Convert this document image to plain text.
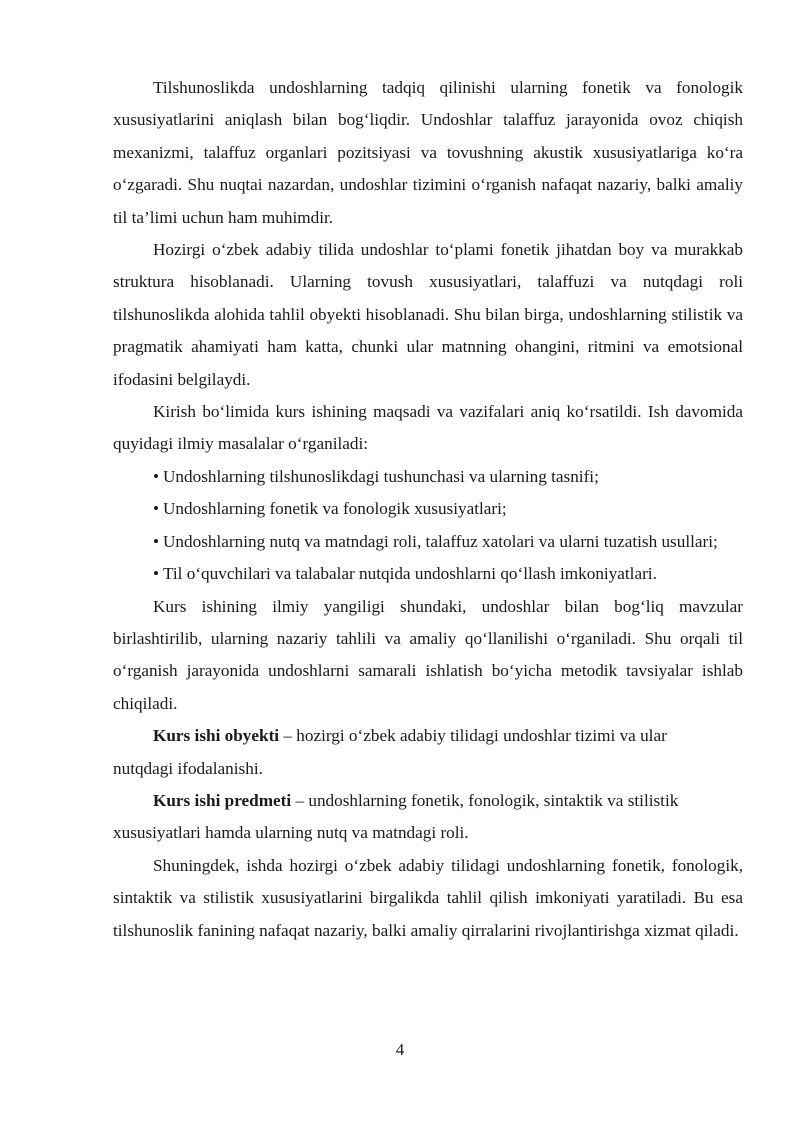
Tilshunoslikda undoshlarning tadqiq qilinishi ularning fonetik va fonologik xususiyatlarini aniqlash bilan bog‘liqdir. Undoshlar talaffuz jarayonida ovoz chiqish mexanizmi, talaffuz organlari pozitsiyasi va tovushning akustik xususiyatlariga ko‘ra o‘zgaradi. Shu nuqtai nazardan, undoshlar tizimini o‘rganish nafaqat nazariy, balki amaliy til ta’limi uchun ham muhimdir.

Hozirgi o‘zbek adabiy tilida undoshlar to‘plami fonetik jihatdan boy va murakkab struktura hisoblanadi. Ularning tovush xususiyatlari, talaffuzi va nutqdagi roli tilshunoslikda alohida tahlil obyekti hisoblanadi. Shu bilan birga, undoshlarning stilistik va pragmatik ahamiyati ham katta, chunki ular matnning ohangini, ritmini va emotsional ifodasini belgilaydi.

Kirish bo‘limida kurs ishining maqsadi va vazifalari aniq ko‘rsatildi. Ish davomida quyidagi ilmiy masalalar o‘rganiladi:

• Undoshlarning tilshunoslikdagi tushunchasi va ularning tasnifi;
• Undoshlarning fonetik va fonologik xususiyatlari;
• Undoshlarning nutq va matndagi roli, talaffuz xatolari va ularni tuzatish usullari;
• Til o‘quvchilari va talabalar nutqida undoshlarni qo‘llash imkoniyatlari.

Kurs ishining ilmiy yangiligi shundaki, undoshlar bilan bog‘liq mavzular birlashtirilib, ularning nazariy tahlili va amaliy qo‘llanilishi o‘rganiladi. Shu orqali til o‘rganish jarayonida undoshlarni samarali ishlatish bo‘yicha metodik tavsiyalar ishlab chiqiladi.

Kurs ishi obyekti – hozirgi o‘zbek adabiy tilidagi undoshlar tizimi va ular nutqdagi ifodalanishi.

Kurs ishi predmeti – undoshlarning fonetik, fonologik, sintaktik va stilistik xususiyatlari hamda ularning nutq va matndagi roli.

Shuningdek, ishda hozirgi o‘zbek adabiy tilidagi undoshlarning fonetik, fonologik, sintaktik va stilistik xususiyatlarini birgalikda tahlil qilish imkoniyati yaratiladi. Bu esa tilshunoslik fanining nafaqat nazariy, balki amaliy qirralarini rivojlantirishga xizmat qiladi.

4
